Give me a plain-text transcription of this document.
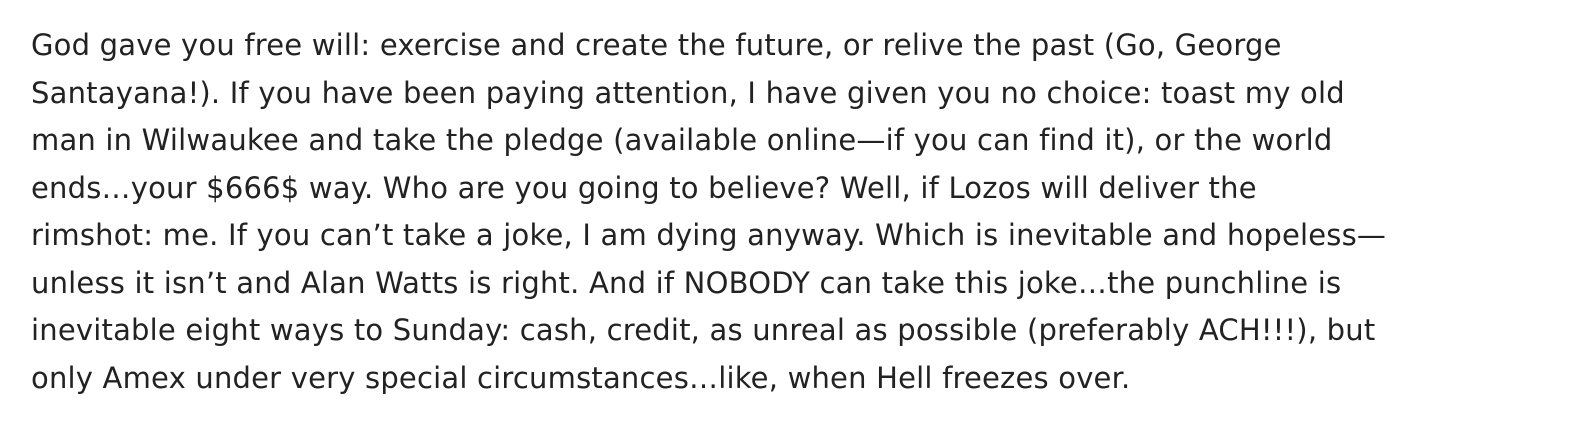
God gave you free will: exercise and create the future, or relive the past (Go, George
Santayana!). If you have been paying attention, I have given you no choice: toast my old
man in Wilwaukee and take the pledge (available online—if you can find it), or the world
ends…your $666$ way. Who are you going to believe? Well, if Lozos will deliver the
rimshot: me. If you can’t take a joke, I am dying anyway. Which is inevitable and hopeless—
unless it isn’t and Alan Watts is right. And if NOBODY can take this joke…the punchline is
inevitable eight ways to Sunday: cash, credit, as unreal as possible (preferably ACH!!!), but
only Amex under very special circumstances…like, when Hell freezes over.
